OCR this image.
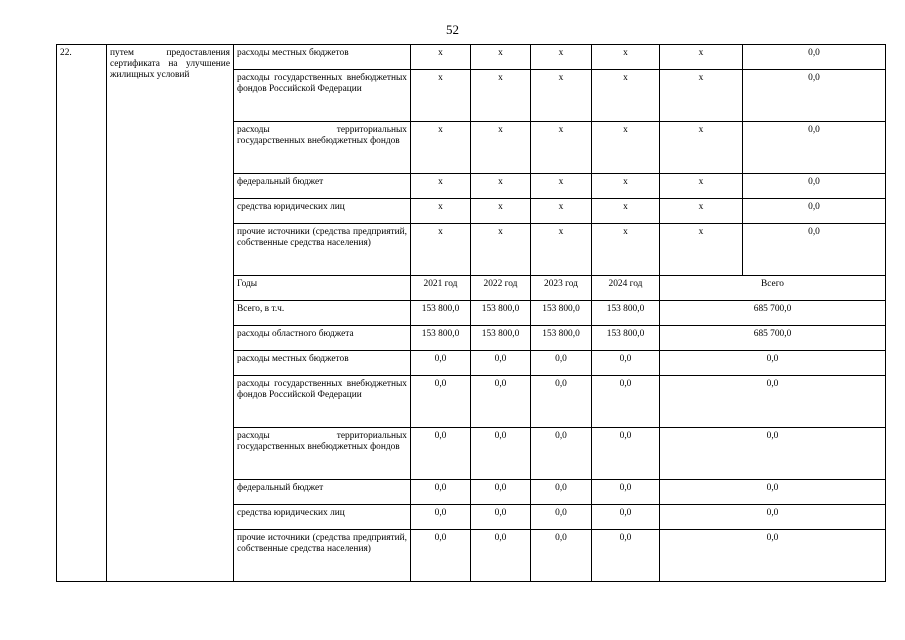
52
22.	путем предоставления сертификата на улучшение жилищных условий	расходы местных бюджетов	x	x	x	x	x	0,0

		расходы государственных внебюджетных фондов Российской Федерации	x	x	x	x	x	0,0

		расходы территориальных государственных внебюджетных фондов	x	x	x	x	x	0,0
		федеральный бюджет	x	x	x	x	x	0,0
		средства юридических лиц	x	x	x	x	x	0,0

		прочие источники (средства предприятий, собственные средства населения)	x	x	x	x	x	0,0
		Годы	2021 год	2022 год	2023 год	2024 год	Всего	
		Всего, в т.ч.	153 800,0	153 800,0	153 800,0	153 800,0	685 700,0	
		расходы областного бюджета	153 800,0	153 800,0	153 800,0	153 800,0	685 700,0	
		расходы местных бюджетов	0,0	0,0	0,0	0,0	0,0	

		расходы государственных внебюджетных фондов Российской Федерации	0,0	0,0	0,0	0,0	0,0	

		расходы территориальных государственных внебюджетных фондов	0,0	0,0	0,0	0,0	0,0	
		федеральный бюджет	0,0	0,0	0,0	0,0	0,0	
		средства юридических лиц	0,0	0,0	0,0	0,0	0,0	

		прочие источники (средства предприятий, собственные средства населения)	0,0	0,0	0,0	0,0	0,0	
